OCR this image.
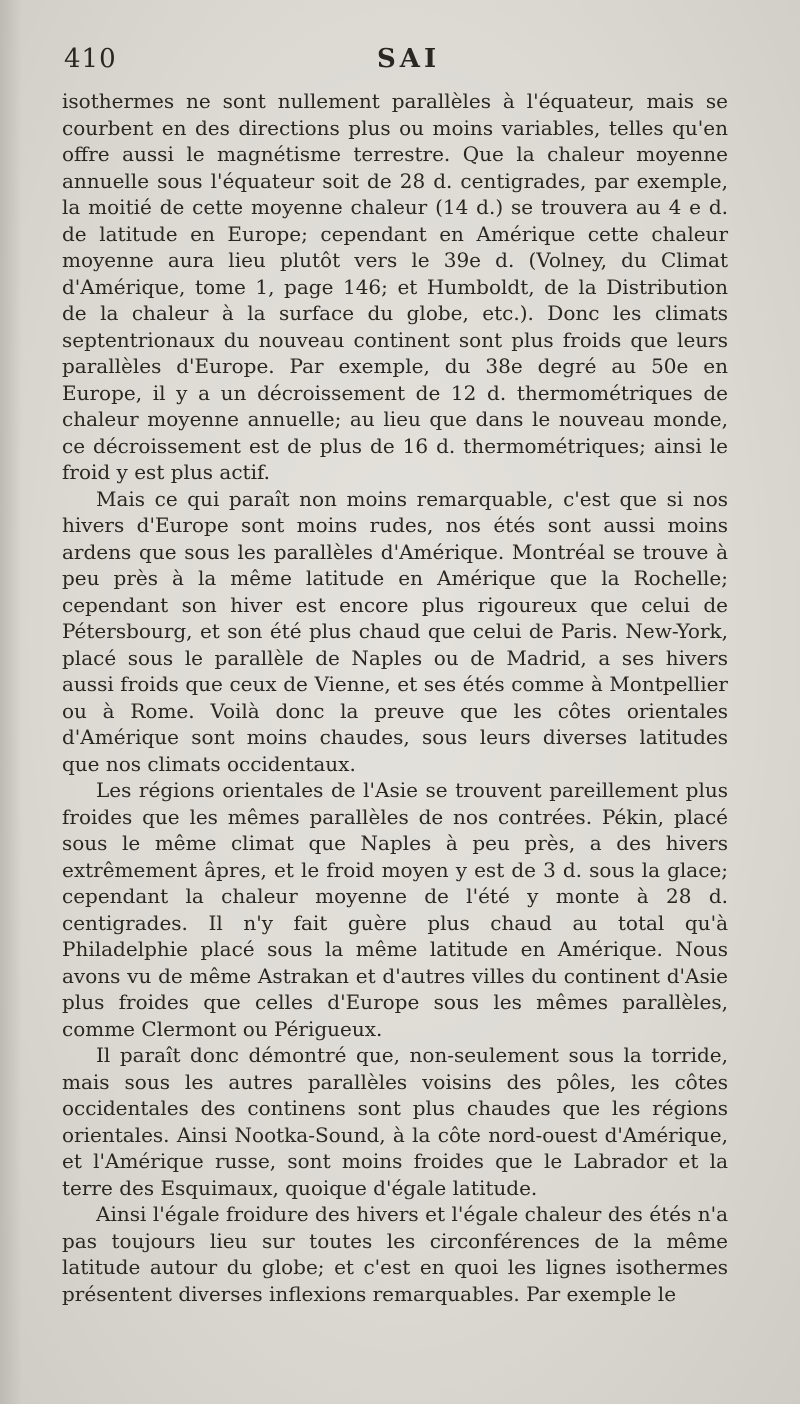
410	SAI

isothermes ne sont nullement parallèles à l'équateur, mais se courbent en des directions plus ou moins variables, telles qu'en offre aussi le magnétisme terrestre. Que la chaleur moyenne annuelle sous l'équateur soit de 28 d. centigrades, par exemple, la moitié de cette moyenne chaleur (14 d.) se trouvera au 4 e d. de latitude en Europe; cependant en Amérique cette chaleur moyenne aura lieu plutôt vers le 39e d. (Volney, du Climat d'Amérique, tome 1, page 146; et Humboldt, de la Distribution de la chaleur à la surface du globe, etc.). Donc les climats septentrionaux du nouveau continent sont plus froids que leurs parallèles d'Europe. Par exemple, du 38e degré au 50e en Europe, il y a un décroissement de 12 d. thermométriques de chaleur moyenne annuelle; au lieu que dans le nouveau monde, ce décroissement est de plus de 16 d. thermométriques; ainsi le froid y est plus actif.

Mais ce qui paraît non moins remarquable, c'est que si nos hivers d'Europe sont moins rudes, nos étés sont aussi moins ardens que sous les parallèles d'Amérique. Montréal se trouve à peu près à la même latitude en Amérique que la Rochelle; cependant son hiver est encore plus rigoureux que celui de Pétersbourg, et son été plus chaud que celui de Paris. New-York, placé sous le parallèle de Naples ou de Madrid, a ses hivers aussi froids que ceux de Vienne, et ses étés comme à Montpellier ou à Rome. Voilà donc la preuve que les côtes orientales d'Amérique sont moins chaudes, sous leurs diverses latitudes que nos climats occidentaux.

Les régions orientales de l'Asie se trouvent pareillement plus froides que les mêmes parallèles de nos contrées. Pékin, placé sous le même climat que Naples à peu près, a des hivers extrêmement âpres, et le froid moyen y est de 3 d. sous la glace; cependant la chaleur moyenne de l'été y monte à 28 d. centigrades. Il n'y fait guère plus chaud au total qu'à Philadelphie placé sous la même latitude en Amérique. Nous avons vu de même Astrakan et d'autres villes du continent d'Asie plus froides que celles d'Europe sous les mêmes parallèles, comme Clermont ou Périgueux.

Il paraît donc démontré que, non-seulement sous la torride, mais sous les autres parallèles voisins des pôles, les côtes occidentales des continens sont plus chaudes que les régions orientales. Ainsi Nootka-Sound, à la côte nord-ouest d'Amérique, et l'Amérique russe, sont moins froides que le Labrador et la terre des Esquimaux, quoique d'égale latitude.

Ainsi l'égale froidure des hivers et l'égale chaleur des étés n'a pas toujours lieu sur toutes les circonférences de la même latitude autour du globe; et c'est en quoi les lignes isothermes présentent diverses inflexions remarquables. Par exemple le
